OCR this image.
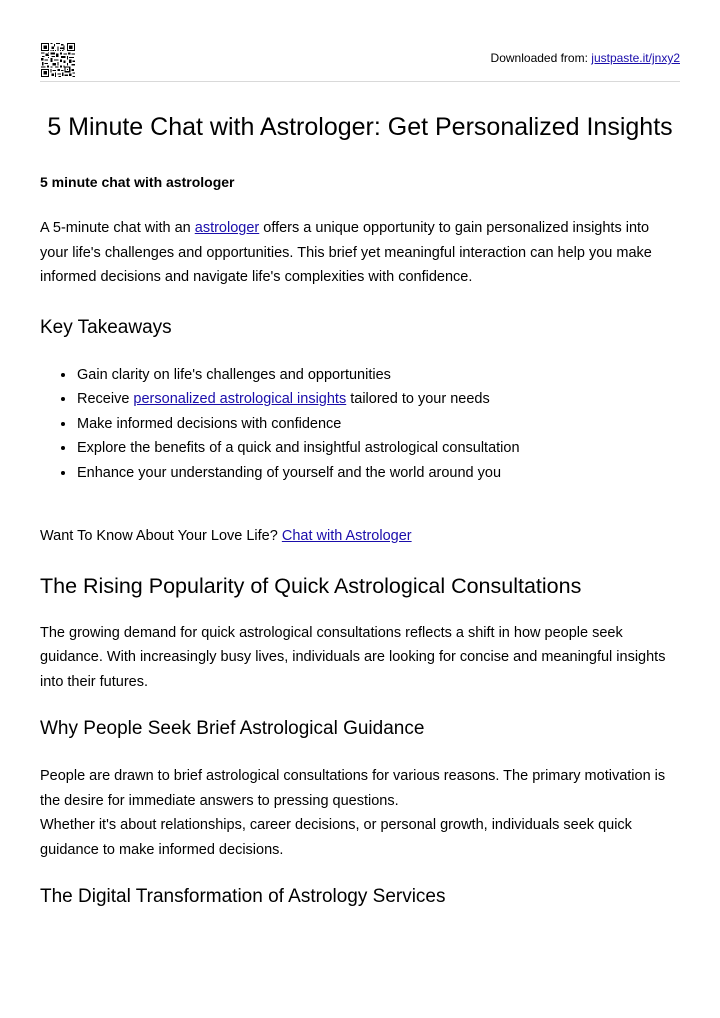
Downloaded from: justpaste.it/jnxy2
5 Minute Chat with Astrologer: Get Personalized Insights
5 minute chat with astrologer

A 5-minute chat with an astrologer offers a unique opportunity to gain personalized insights into your life's challenges and opportunities. This brief yet meaningful interaction can help you make informed decisions and navigate life's complexities with confidence.

Key Takeaways
• Gain clarity on life's challenges and opportunities
• Receive personalized astrological insights tailored to your needs
• Make informed decisions with confidence
• Explore the benefits of a quick and insightful astrological consultation
• Enhance your understanding of yourself and the world around you

Want To Know About Your Love Life? Chat with Astrologer

The Rising Popularity of Quick Astrological Consultations

The growing demand for quick astrological consultations reflects a shift in how people seek guidance. With increasingly busy lives, individuals are looking for concise and meaningful insights into their futures.

Why People Seek Brief Astrological Guidance

People are drawn to brief astrological consultations for various reasons. The primary motivation is the desire for immediate answers to pressing questions.
Whether it's about relationships, career decisions, or personal growth, individuals seek quick guidance to make informed decisions.

The Digital Transformation of Astrology Services
